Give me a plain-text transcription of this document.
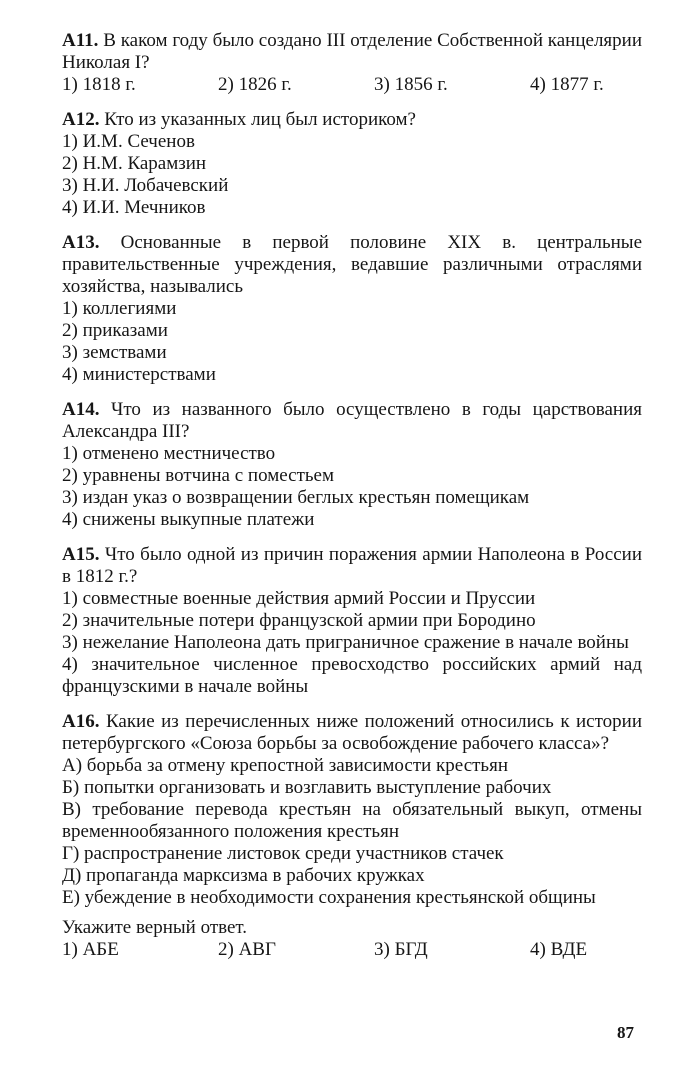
А11. В каком году было создано III отделение Собственной канцелярии Николая I?
1) 1818 г.	2) 1826 г.	3) 1856 г.	4) 1877 г.
А12. Кто из указанных лиц был историком?
1) И.М. Сеченов
2) Н.М. Карамзин
3) Н.И. Лобачевский
4) И.И. Мечников
А13. Основанные в первой половине XIX в. центральные правительственные учреждения, ведавшие различными отраслями хозяйства, назывались
1) коллегиями
2) приказами
3) земствами
4) министерствами
А14. Что из названного было осуществлено в годы царствования Александра III?
1) отменено местничество
2) уравнены вотчина с поместьем
3) издан указ о возвращении беглых крестьян помещикам
4) снижены выкупные платежи
А15. Что было одной из причин поражения армии Наполеона в России в 1812 г.?
1) совместные военные действия армий России и Пруссии
2) значительные потери французской армии при Бородино
3) нежелание Наполеона дать приграничное сражение в начале войны
4) значительное численное превосходство российских армий над французскими в начале войны
А16. Какие из перечисленных ниже положений относились к истории петербургского «Союза борьбы за освобождение рабочего класса»?
А) борьба за отмену крепостной зависимости крестьян
Б) попытки организовать и возглавить выступление рабочих
В) требование перевода крестьян на обязательный выкуп, отмены временнообязанного положения крестьян
Г) распространение листовок среди участников стачек
Д) пропаганда марксизма в рабочих кружках
Е) убеждение в необходимости сохранения крестьянской общины
Укажите верный ответ.
1) АБЕ	2) АВГ	3) БГД	4) ВДЕ
87
